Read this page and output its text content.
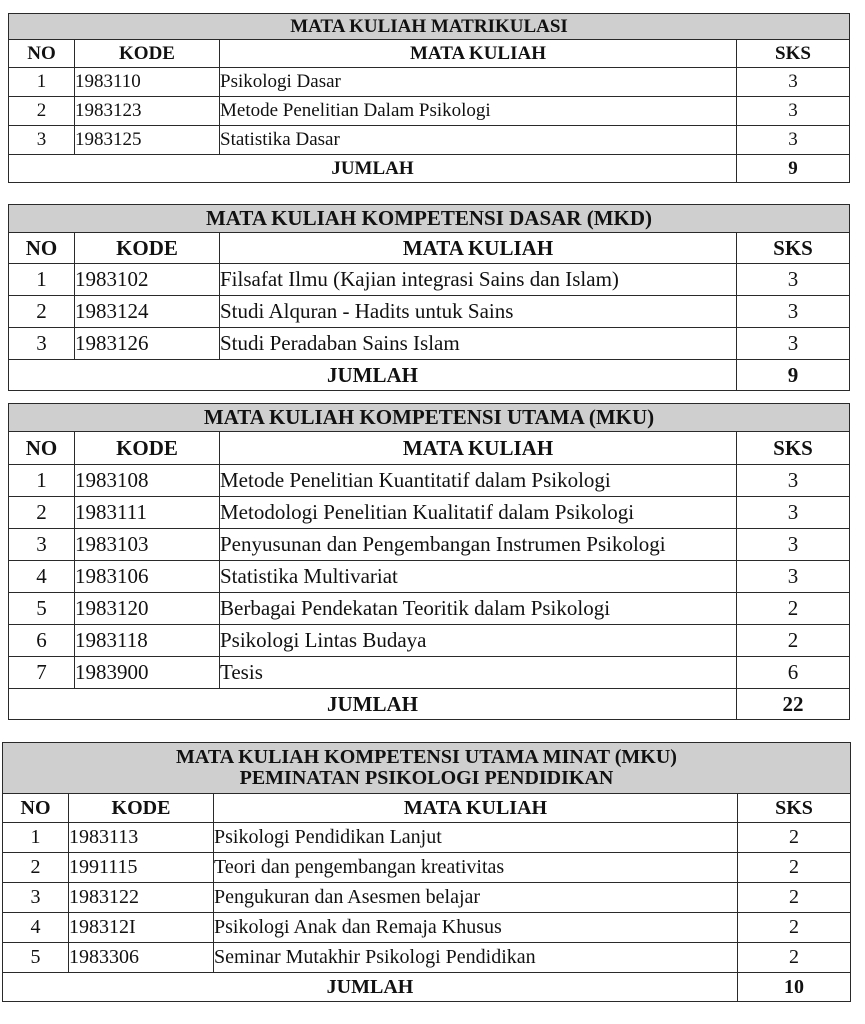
MATA KULIAH MATRIKULASI			
NO	KODE	MATA KULIAH	SKS
1	1983110	Psikologi Dasar	3
2	1983123	Metode Penelitian Dalam Psikologi	3
3	1983125	Statistika Dasar	3
JUMLAH			9
MATA KULIAH KOMPETENSI DASAR (MKD)			
NO	KODE	MATA KULIAH	SKS
1	1983102	Filsafat Ilmu (Kajian integrasi Sains dan Islam)	3
2	1983124	Studi Alquran - Hadits untuk Sains	3
3	1983126	Studi Peradaban Sains Islam	3
JUMLAH			9
MATA KULIAH KOMPETENSI UTAMA (MKU)			
NO	KODE	MATA KULIAH	SKS
1	1983108	Metode Penelitian Kuantitatif dalam Psikologi	3
2	1983111	Metodologi Penelitian Kualitatif dalam Psikologi	3
3	1983103	Penyusunan dan Pengembangan Instrumen Psikologi	3
4	1983106	Statistika Multivariat	3
5	1983120	Berbagai Pendekatan Teoritik dalam Psikologi	2
6	1983118	Psikologi Lintas Budaya	2
7	1983900	Tesis	6
JUMLAH			22
MATA KULIAH KOMPETENSI UTAMA MINAT (MKU)
PEMINATAN PSIKOLOGI PENDIDIKAN			

NO	KODE	MATA KULIAH	SKS
1	1983113	Psikologi Pendidikan Lanjut	2
2	1991115	Teori dan pengembangan kreativitas	2
3	1983122	Pengukuran dan Asesmen belajar	2
4	198312I	Psikologi Anak dan Remaja Khusus	2
5	1983306	Seminar Mutakhir Psikologi Pendidikan	2
JUMLAH			10
